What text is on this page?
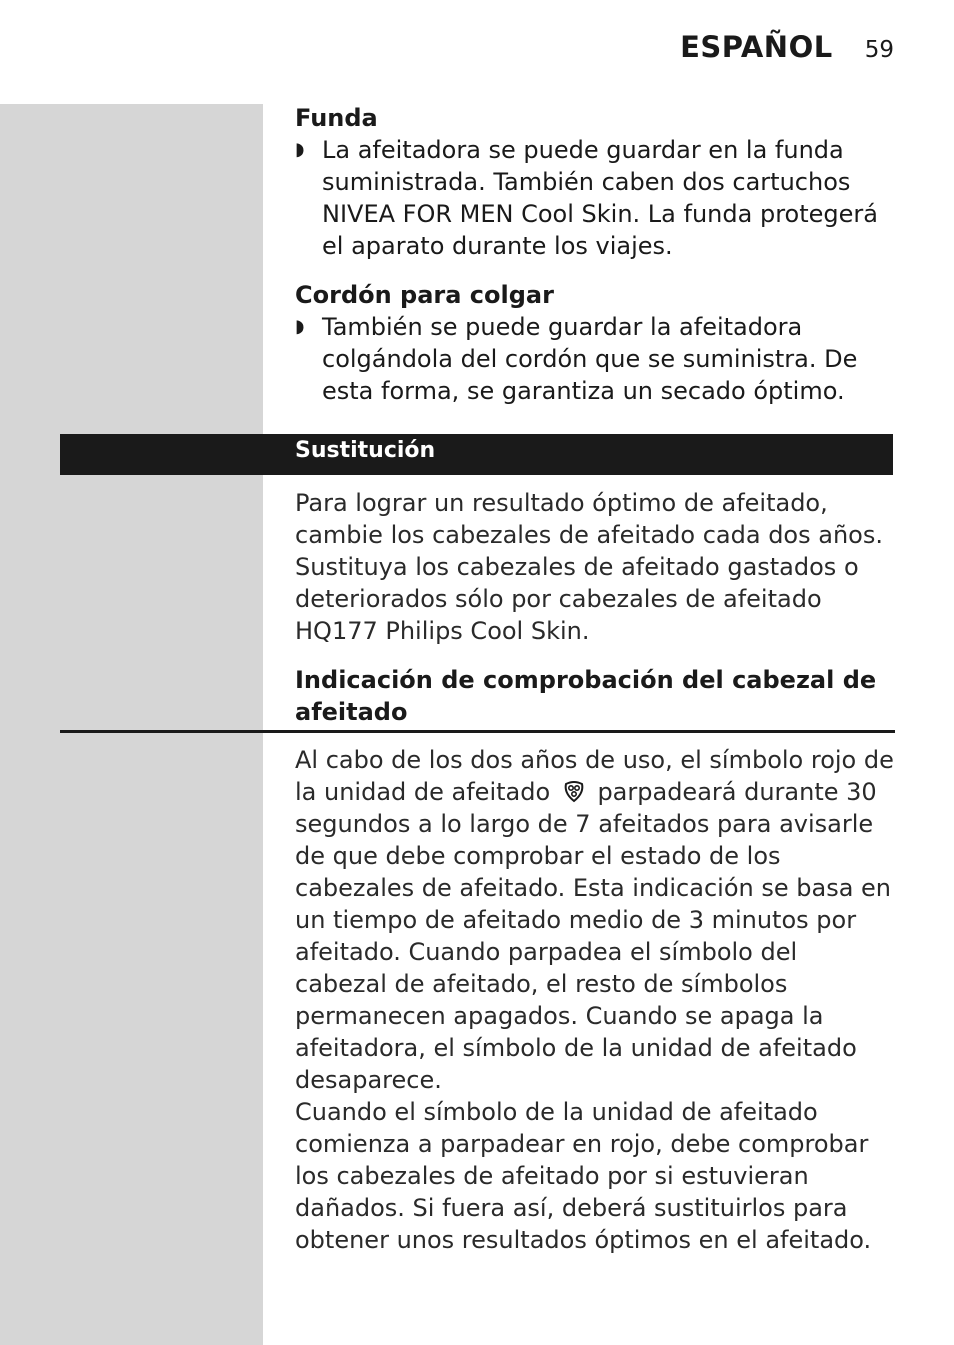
ESPAÑOL 59
Funda
◗ La afeitadora se puede guardar en la funda suministrada. También caben dos cartuchos NIVEA FOR MEN Cool Skin. La funda protegerá el aparato durante los viajes.
Cordón para colgar
◗ También se puede guardar la afeitadora colgándola del cordón que se suministra. De esta forma, se garantiza un secado óptimo.
Sustitución

Para lograr un resultado óptimo de afeitado, cambie los cabezales de afeitado cada dos años.

Sustituya los cabezales de afeitado gastados o deteriorados sólo por cabezales de afeitado HQ177 Philips Cool Skin.

Indicación de comprobación del cabezal de afeitado

Al cabo de los dos años de uso, el símbolo rojo de la unidad de afeitado parpadeará durante 30 segundos a lo largo de 7 afeitados para avisarle de que debe comprobar el estado de los cabezales de afeitado. Esta indicación se basa en un tiempo de afeitado medio de 3 minutos por afeitado. Cuando parpadea el símbolo del cabezal de afeitado, el resto de símbolos permanecen apagados. Cuando se apaga la afeitadora, el símbolo de la unidad de afeitado desaparece.

Cuando el símbolo de la unidad de afeitado comienza a parpadear en rojo, debe comprobar los cabezales de afeitado por si estuvieran dañados. Si fuera así, deberá sustituirlos para obtener unos resultados óptimos en el afeitado.
